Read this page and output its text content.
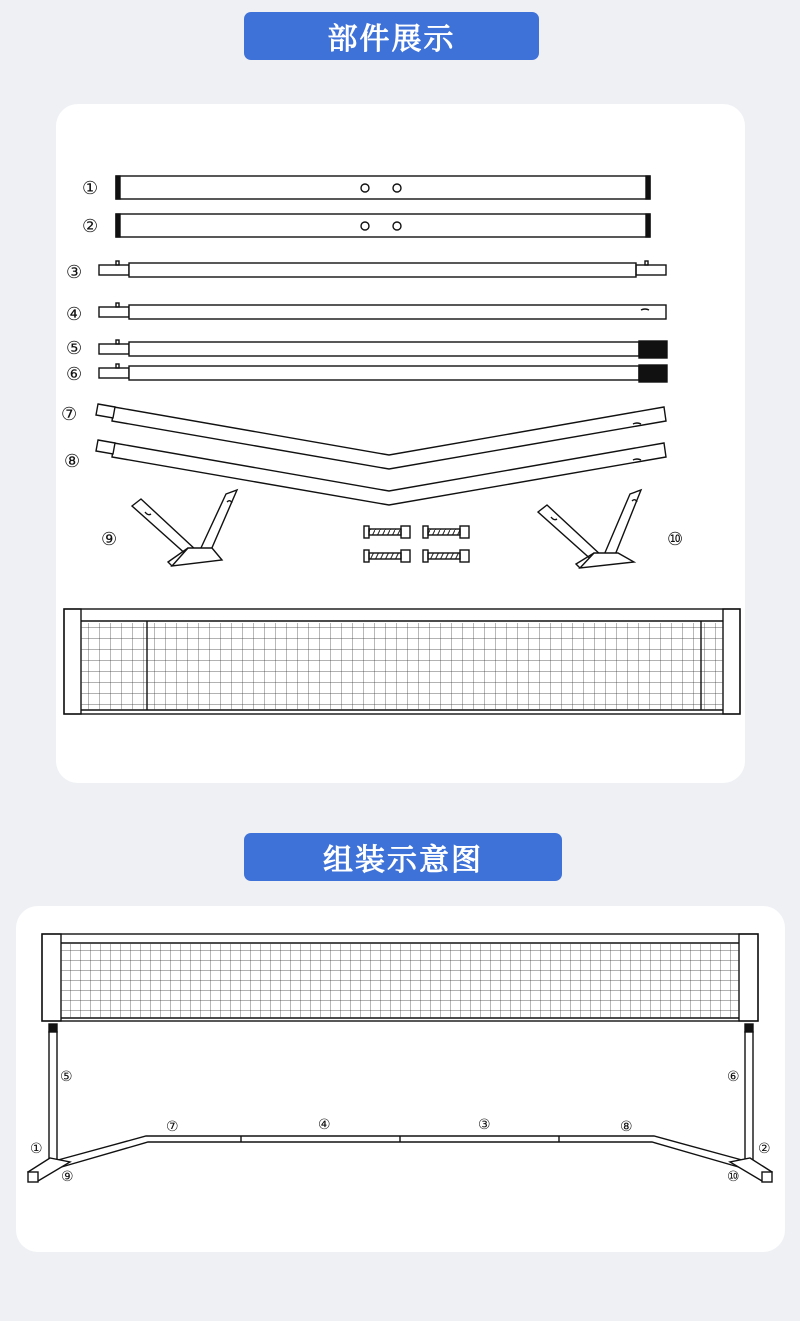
部件展示
组装示意图
①
②
③
④
⑤
⑥
⑦
⑧
⑨	⑩
⑤	⑥
①	②
⑨	⑩
⑦	④	③	⑧
